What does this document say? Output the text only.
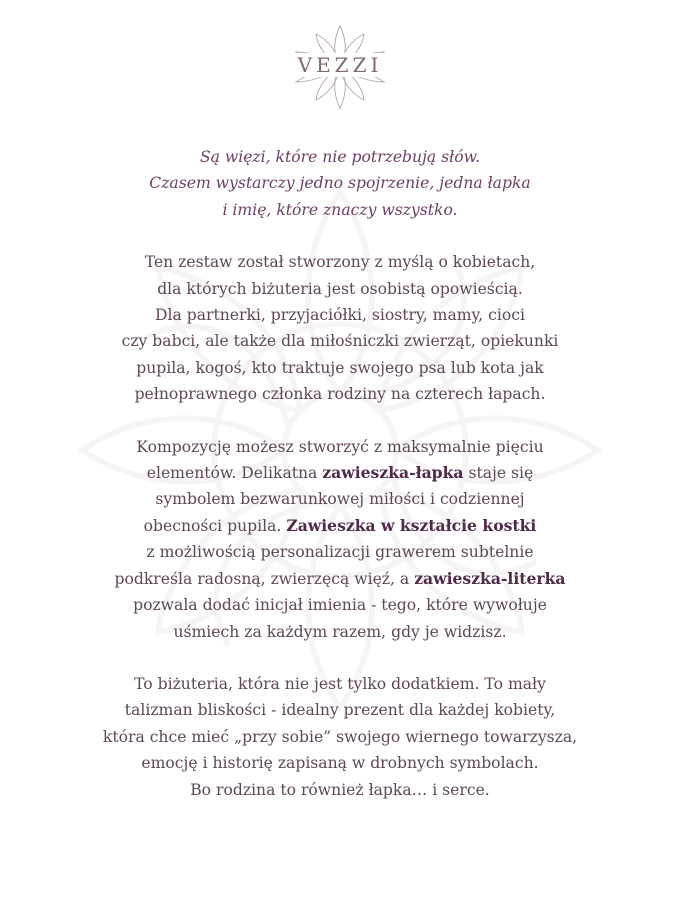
VEZZI
Są więzi, które nie potrzebują słów.
Czasem wystarczy jedno spojrzenie, jedna łapka
i imię, które znaczy wszystko.
Ten zestaw został stworzony z myślą o kobietach,
dla których biżuteria jest osobistą opowieścią.
Dla partnerki, przyjaciółki, siostry, mamy, cioci
czy babci, ale także dla miłośniczki zwierząt, opiekunki
pupila, kogoś, kto traktuje swojego psa lub kota jak
pełnoprawnego członka rodziny na czterech łapach.
Kompozycję możesz stworzyć z maksymalnie pięciu
elementów. Delikatna zawieszka-łapka staje się
symbolem bezwarunkowej miłości i codziennej
obecności pupila. Zawieszka w kształcie kostki
z możliwością personalizacji grawerem subtelnie
podkreśla radosną, zwierzęcą więź, a zawieszka-literka
pozwala dodać inicjał imienia - tego, które wywołuje
uśmiech za każdym razem, gdy je widzisz.
To biżuteria, która nie jest tylko dodatkiem. To mały
talizman bliskości - idealny prezent dla każdej kobiety,
która chce mieć „przy sobie” swojego wiernego towarzysza,
emocję i historię zapisaną w drobnych symbolach.
Bo rodzina to również łapka… i serce.
